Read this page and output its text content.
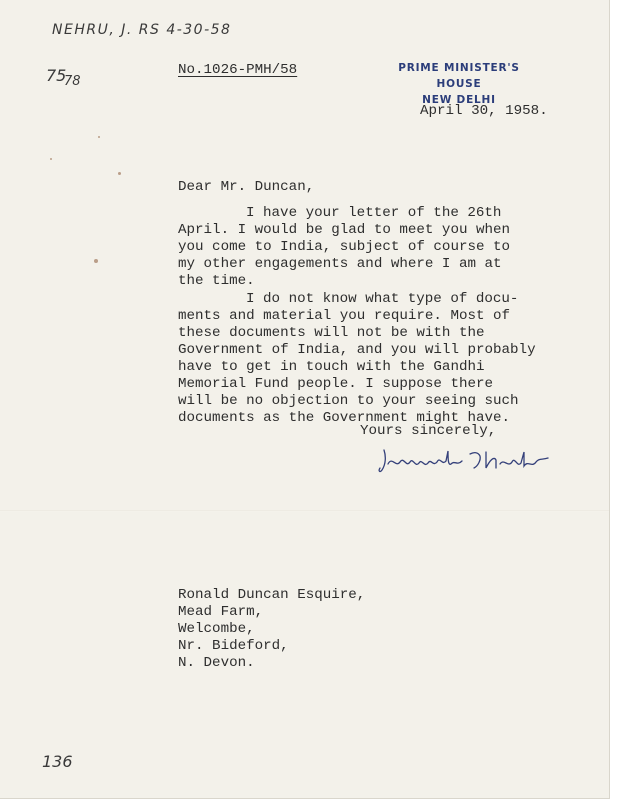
NEHRU, J. RS 4-30-58
75
78
136
No.1026-PMH/58	PRIME MINISTER'S HOUSE
NEW DELHI
April 30, 1958.
Dear Mr. Duncan,
I have your letter of the 26th
April. I would be glad to meet you when
you come to India, subject of course to
my other engagements and where I am at
the time.
I do not know what type of docu-
ments and material you require. Most of
these documents will not be with the
Government of India, and you will probably
have to get in touch with the Gandhi
Memorial Fund people. I suppose there
will be no objection to your seeing such
documents as the Government might have.
Yours sincerely,
Ronald Duncan Esquire,
Mead Farm,
Welcombe,
Nr. Bideford,
N. Devon.
